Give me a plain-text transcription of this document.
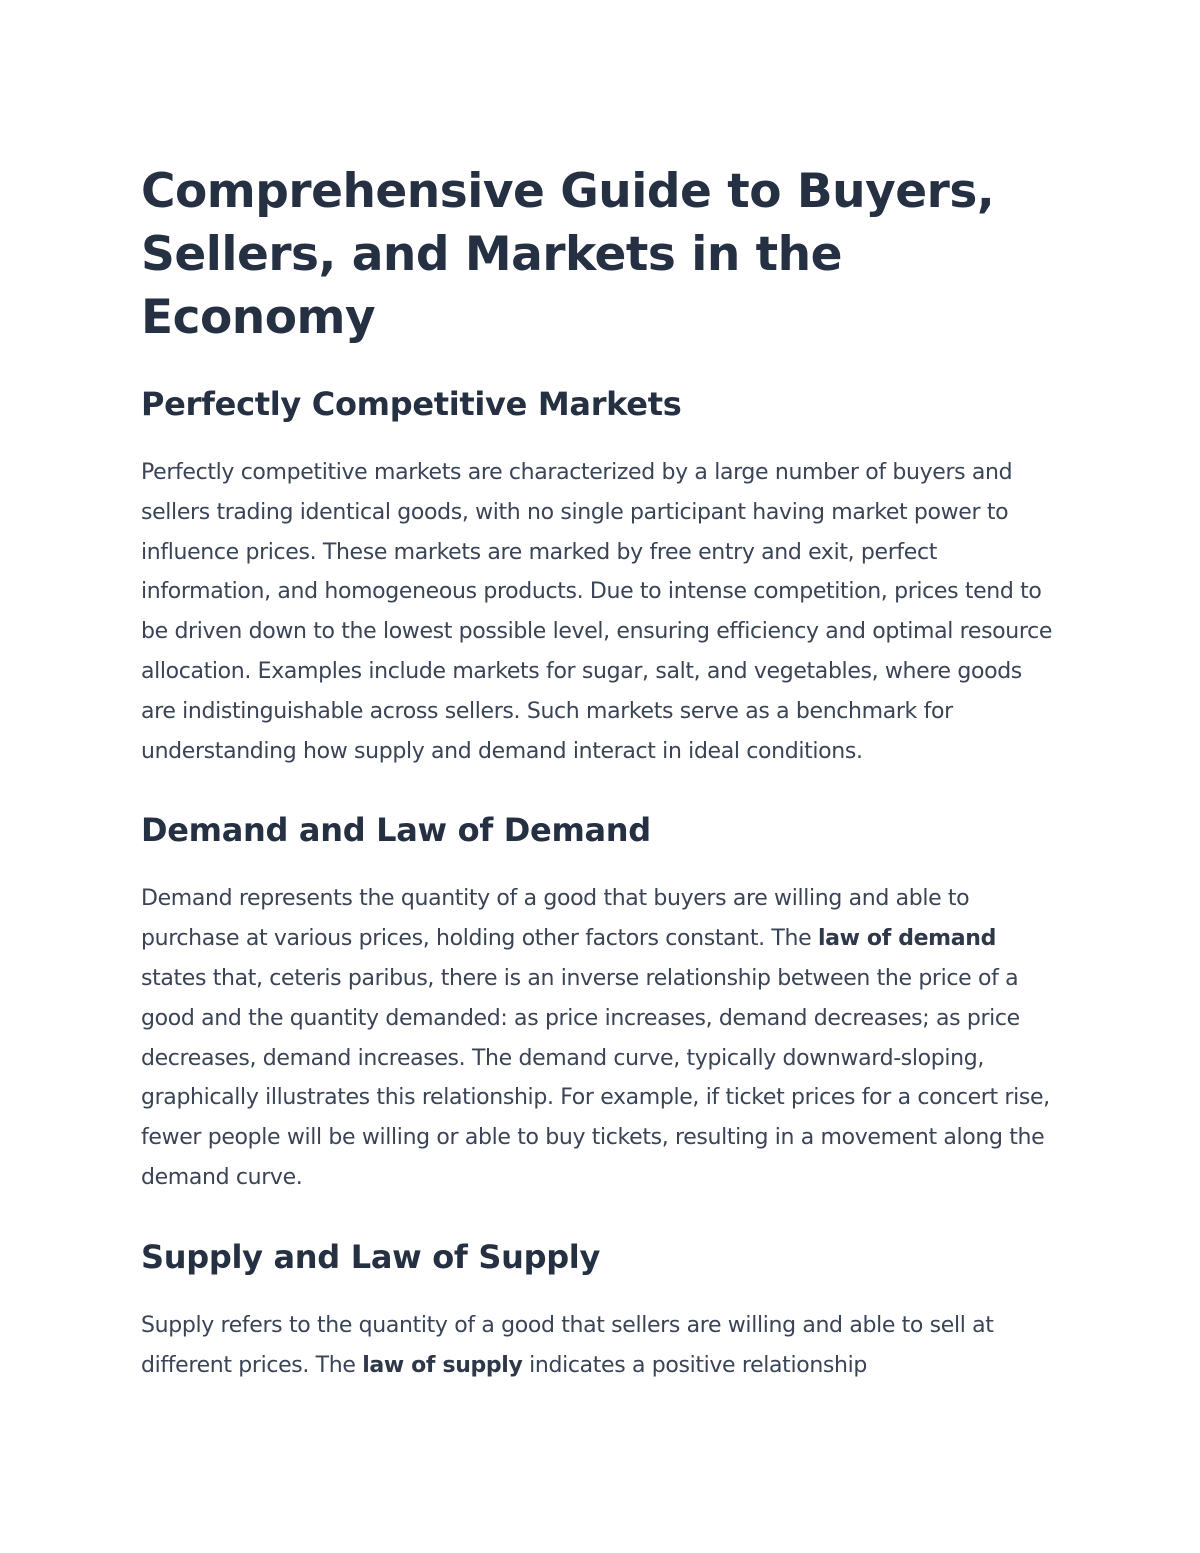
Comprehensive Guide to Buyers, Sellers, and Markets in the Economy
Perfectly Competitive Markets

Perfectly competitive markets are characterized by a large number of buyers and sellers trading identical goods, with no single participant having market power to influence prices. These markets are marked by free entry and exit, perfect information, and homogeneous products. Due to intense competition, prices tend to be driven down to the lowest possible level, ensuring efficiency and optimal resource allocation. Examples include markets for sugar, salt, and vegetables, where goods are indistinguishable across sellers. Such markets serve as a benchmark for understanding how supply and demand interact in ideal conditions.

Demand and Law of Demand

Demand represents the quantity of a good that buyers are willing and able to purchase at various prices, holding other factors constant. The law of demand states that, ceteris paribus, there is an inverse relationship between the price of a good and the quantity demanded: as price increases, demand decreases; as price decreases, demand increases. The demand curve, typically downward-sloping, graphically illustrates this relationship. For example, if ticket prices for a concert rise, fewer people will be willing or able to buy tickets, resulting in a movement along the demand curve.

Supply and Law of Supply

Supply refers to the quantity of a good that sellers are willing and able to sell at different prices. The law of supply indicates a positive relationship
